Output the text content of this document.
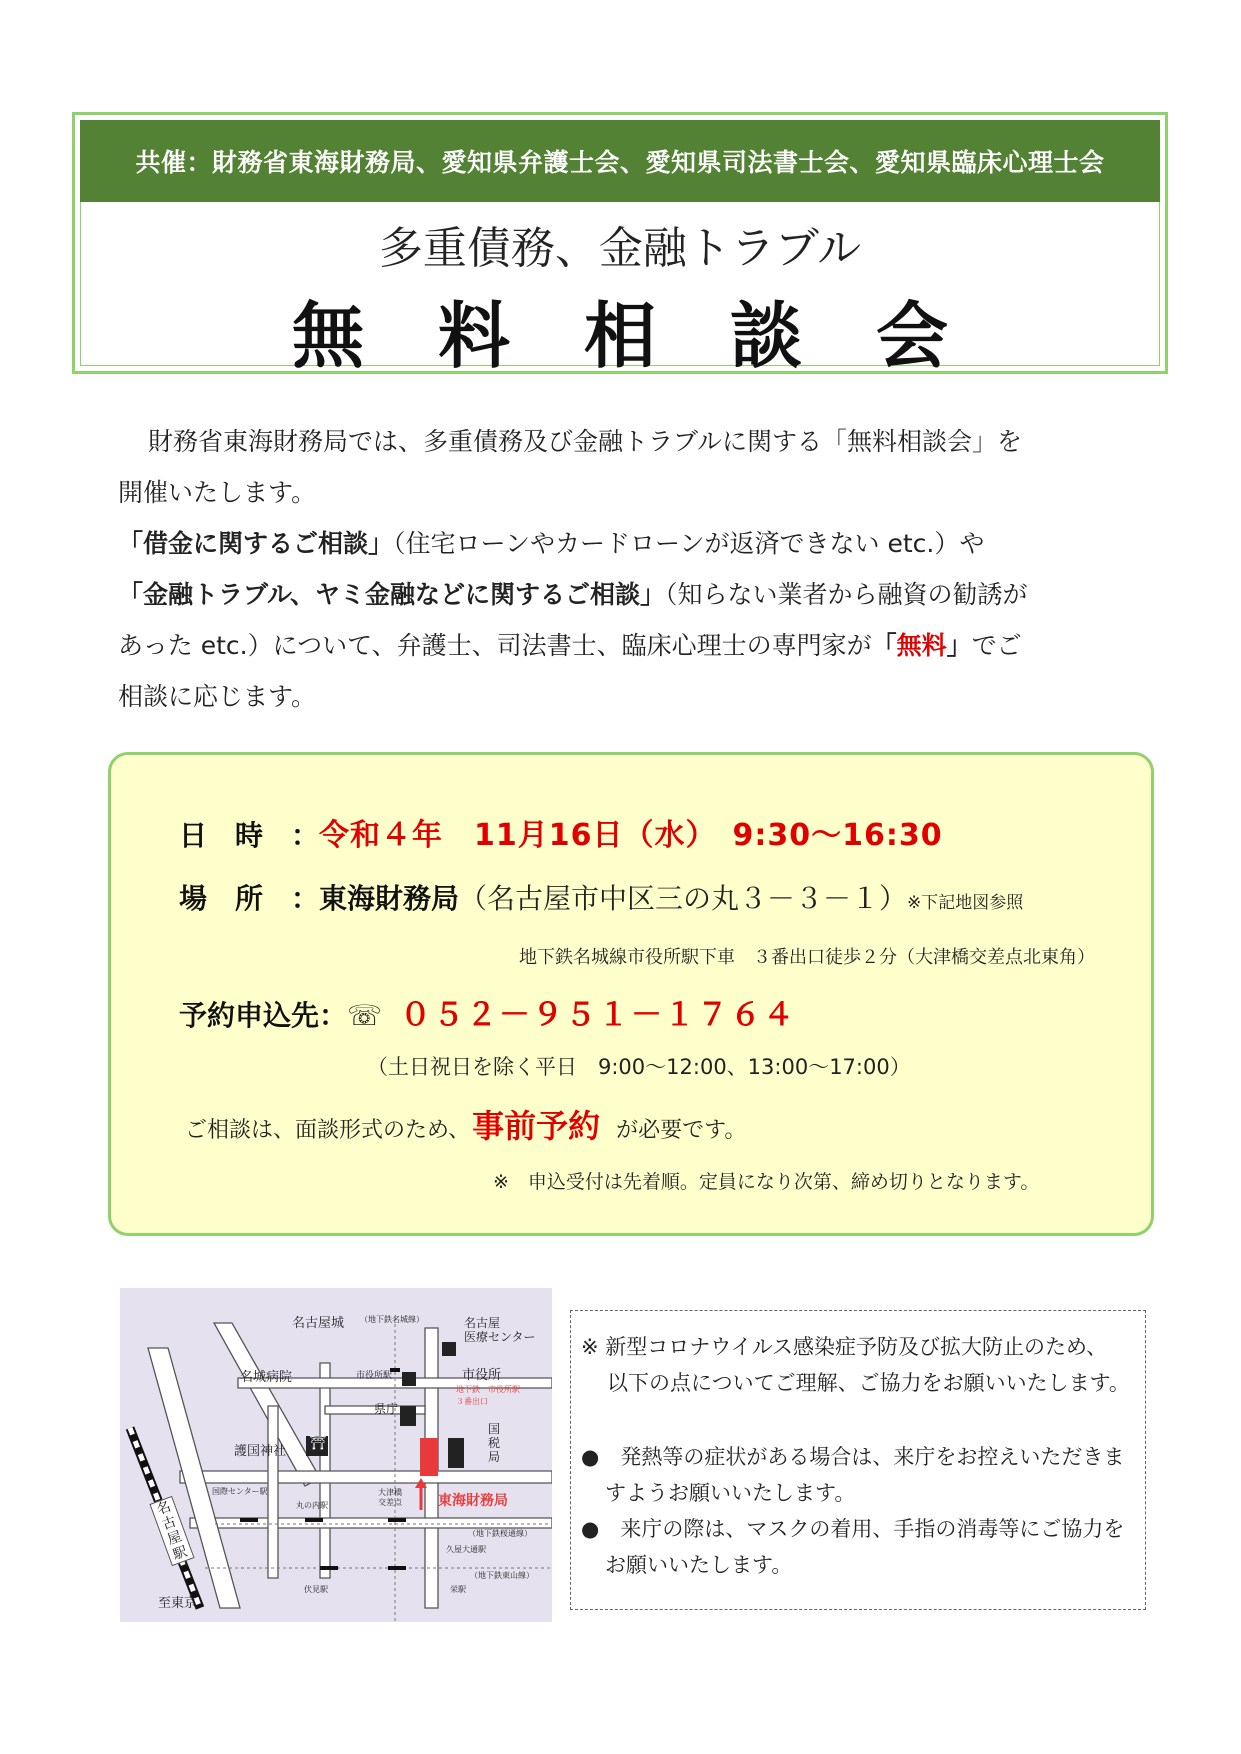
共催：財務省東海財務局、愛知県弁護士会、愛知県司法書士会、愛知県臨床心理士会
多重債務、金融トラブル
無料相談会
財務省東海財務局では、多重債務及び金融トラブルに関する「無料相談会」を
開催いたします。
「借金に関するご相談」（住宅ローンやカードローンが返済できない etc.）や
「金融トラブル、ヤミ金融などに関するご相談」（知らない業者から融資の勧誘が
あった etc.）について、弁護士、司法書士、臨床心理士の専門家が「無料」でご
相談に応じます。
日　時　：令和４年　11月16日（水）　9:30～16:30
場　所　：東海財務局（名古屋市中区三の丸３－３－１）※下記地図参照
地下鉄名城線市役所駅下車　３番出口徒歩２分（大津橋交差点北東角）
予約申込先：☏ ０５２－９５１－１７６４
（土日祝日を除く平日　9:00～12:00、13:00～17:00）
ご相談は、面談形式のため、事前予約 が必要です。
※　申込受付は先着順。定員になり次第、締め切りとなります。
名古屋城 （地下鉄名城線）	名古屋
医療センター
名城病院	市役所駅	市役所
地下鉄　市役所駅
３番出口
県庁
国税局
護国神社
⛩
国際センター駅
丸の内駅
大津橋交差点	東海財務局
（地下鉄桜通線）
久屋大通駅
（地下鉄東山線）
伏見駅	栄駅
名古屋駅
至東京

※ 新型コロナウイルス感染症予防及び拡大防止のため、

以下の点についてご理解、ご協力をお願いいたします。

●　発熱等の症状がある場合は、来庁をお控えいただきま

すようお願いいたします。

●　来庁の際は、マスクの着用、手指の消毒等にご協力を

お願いいたします。
